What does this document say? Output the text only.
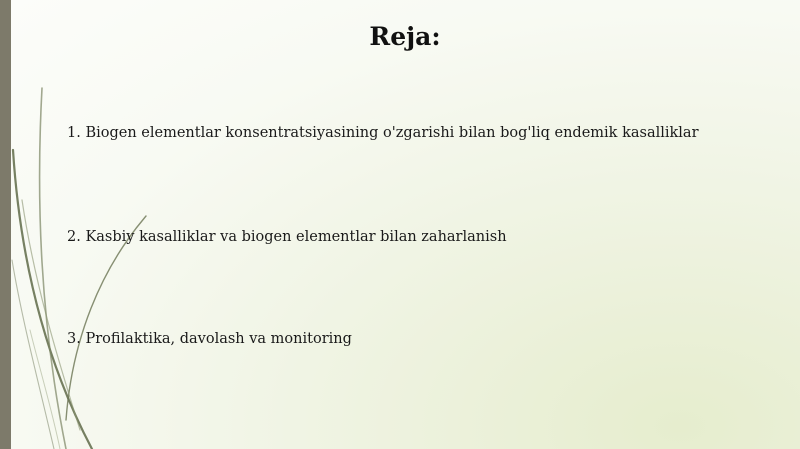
Reja:

1. Biogen elementlar konsentratsiyasining o'zgarishi bilan bog'liq endemik kasalliklar

2. Kasbiy kasalliklar va biogen elementlar bilan zaharlanish

3. Profilaktika, davolash va monitoring
